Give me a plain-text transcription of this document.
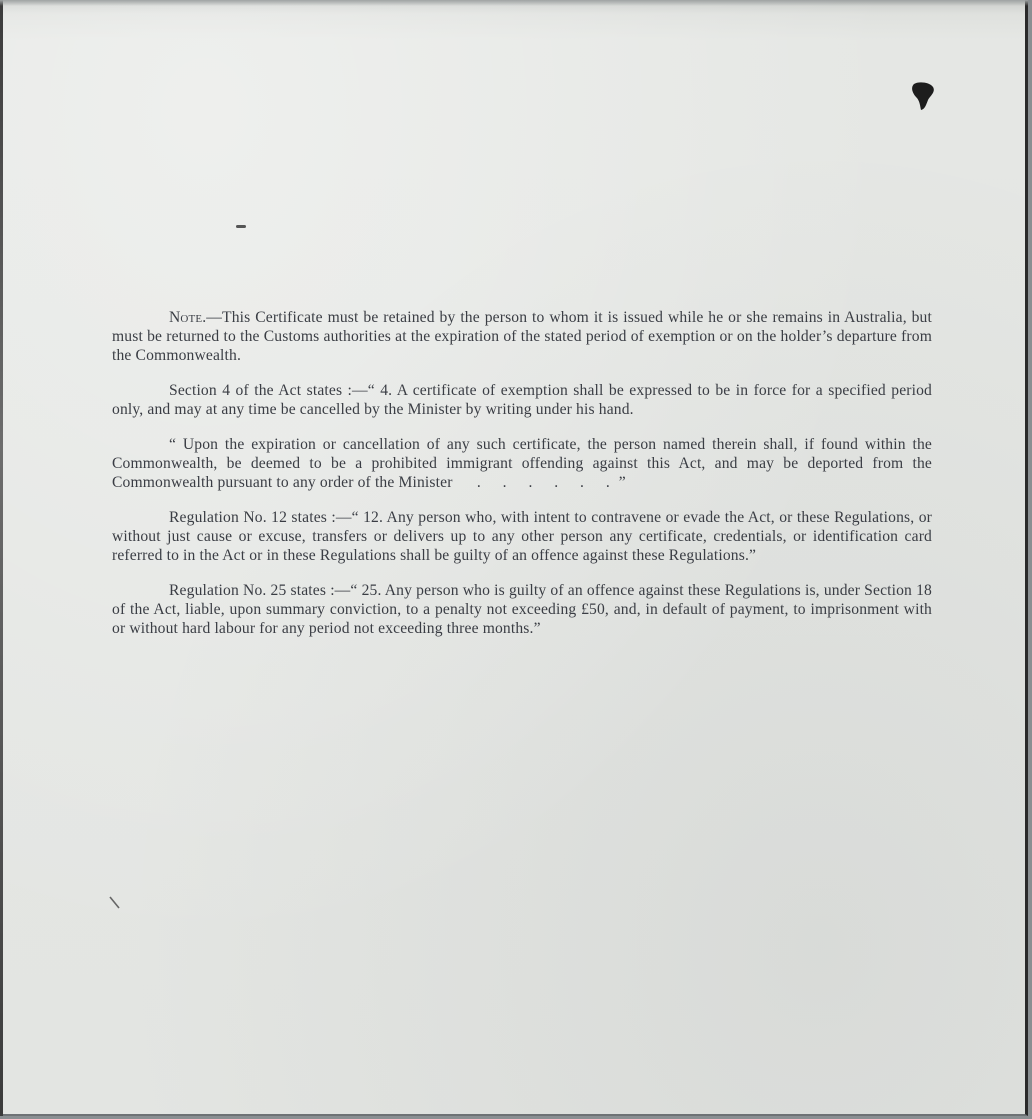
Note.—This Certificate must be retained by the person to whom it is issued while he or she remains in Australia, but must be returned to the Customs authorities at the expiration of the stated period of exemption or on the holder’s departure from the Commonwealth.

Section 4 of the Act states :—“ 4. A certificate of exemption shall be expressed to be in force for a specified period only, and may at any time be cancelled by the Minister by writing under his hand.

“ Upon the expiration or cancellation of any such certificate, the person named therein shall, if found within the Commonwealth, be deemed to be a prohibited immigrant offending against this Act, and may be deported from the Commonwealth pursuant to any order of the Minister . . . . . .”

Regulation No. 12 states :—“ 12. Any person who, with intent to contravene or evade the Act, or these Regulations, or without just cause or excuse, transfers or delivers up to any other person any certificate, credentials, or identification card referred to in the Act or in these Regulations shall be guilty of an offence against these Regulations.”

Regulation No. 25 states :—“ 25. Any person who is guilty of an offence against these Regulations is, under Section 18 of the Act, liable, upon summary conviction, to a penalty not exceeding £50, and, in default of payment, to imprisonment with or without hard labour for any period not exceeding three months.”
